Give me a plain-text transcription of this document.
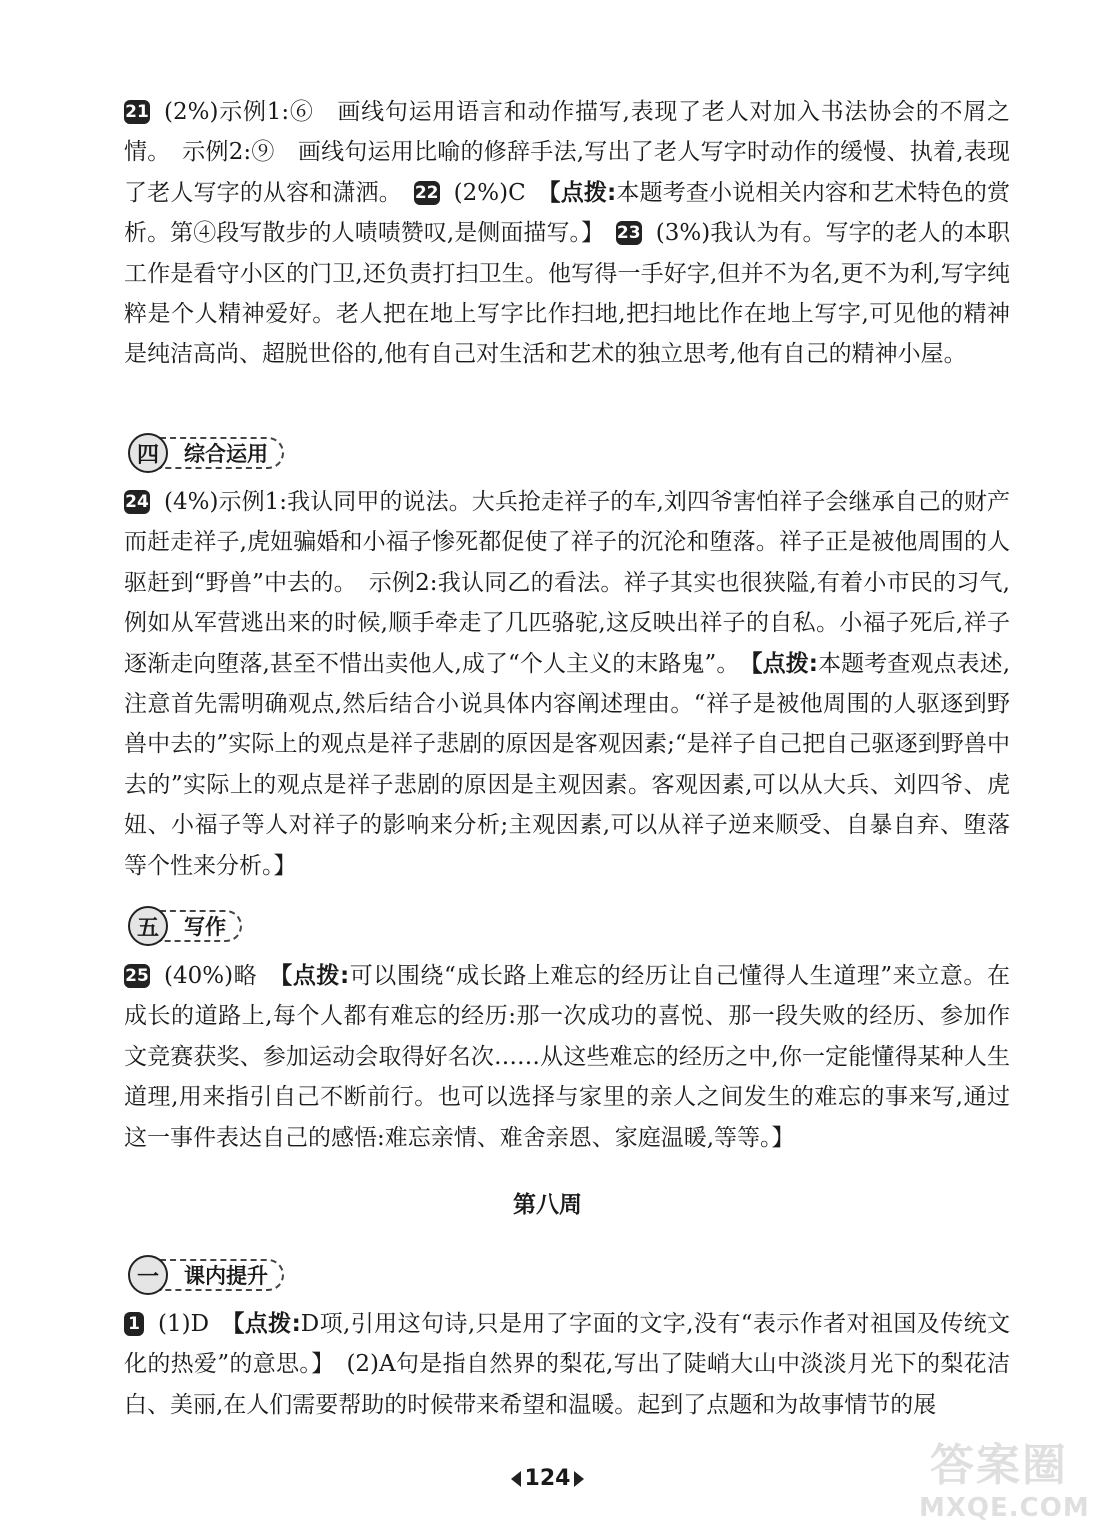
21 (2%)示例1:⑥　画线句运用语言和动作描写,表现了老人对加入书法协会的不屑之情。　示例2:⑨　画线句运用比喻的修辞手法,写出了老人写字时动作的缓慢、执着,表现了老人写字的从容和潇洒。　 22 (2%)C　 【点拨:本题考查小说相关内容和艺术特色的赏析。第④段写散步的人啧啧赞叹,是侧面描写。】　 23 (3%)我认为有。写字的老人的本职工作是看守小区的门卫,还负责打扫卫生。他写得一手好字,但并不为名,更不为利,写字纯粹是个人精神爱好。老人把在地上写字比作扫地,把扫地比作在地上写字,可见他的精神是纯洁高尚、超脱世俗的,他有自己对生活和艺术的独立思考,他有自己的精神小屋。
四	综合运用
24 (4%)示例1:我认同甲的说法。大兵抢走祥子的车,刘四爷害怕祥子会继承自己的财产而赶走祥子,虎妞骗婚和小福子惨死都促使了祥子的沉沦和堕落。祥子正是被他周围的人驱赶到“野兽”中去的。　示例2:我认同乙的看法。祥子其实也很狭隘,有着小市民的习气,例如从军营逃出来的时候,顺手牵走了几匹骆驼,这反映出祥子的自私。小福子死后,祥子逐渐走向堕落,甚至不惜出卖他人,成了“个人主义的末路鬼”。　 【点拨:本题考查观点表述,注意首先需明确观点,然后结合小说具体内容阐述理由。“祥子是被他周围的人驱逐到野兽中去的”实际上的观点是祥子悲剧的原因是客观因素;“是祥子自己把自己驱逐到野兽中去的”实际上的观点是祥子悲剧的原因是主观因素。客观因素,可以从大兵、刘四爷、虎妞、小福子等人对祥子的影响来分析;主观因素,可以从祥子逆来顺受、自暴自弃、堕落等个性来分析。】
五	写作
25 (40%)略　 【点拨:可以围绕“成长路上难忘的经历让自己懂得人生道理”来立意。在成长的道路上,每个人都有难忘的经历:那一次成功的喜悦、那一段失败的经历、参加作文竞赛获奖、参加运动会取得好名次……从这些难忘的经历之中,你一定能懂得某种人生道理,用来指引自己不断前行。也可以选择与家里的亲人之间发生的难忘的事来写,通过这一事件表达自己的感悟:难忘亲情、难舍亲恩、家庭温暖,等等。】
第八周
一	课内提升
1 (1)D　 【点拨:D项,引用这句诗,只是用了字面的文字,没有“表示作者对祖国及传统文化的热爱”的意思。】　 (2)A句是指自然界的梨花,写出了陡峭大山中淡淡月光下的梨花洁白、美丽,在人们需要帮助的时候带来希望和温暖。起到了点题和为故事情节的展
124	答案圈
MXQE.COM
